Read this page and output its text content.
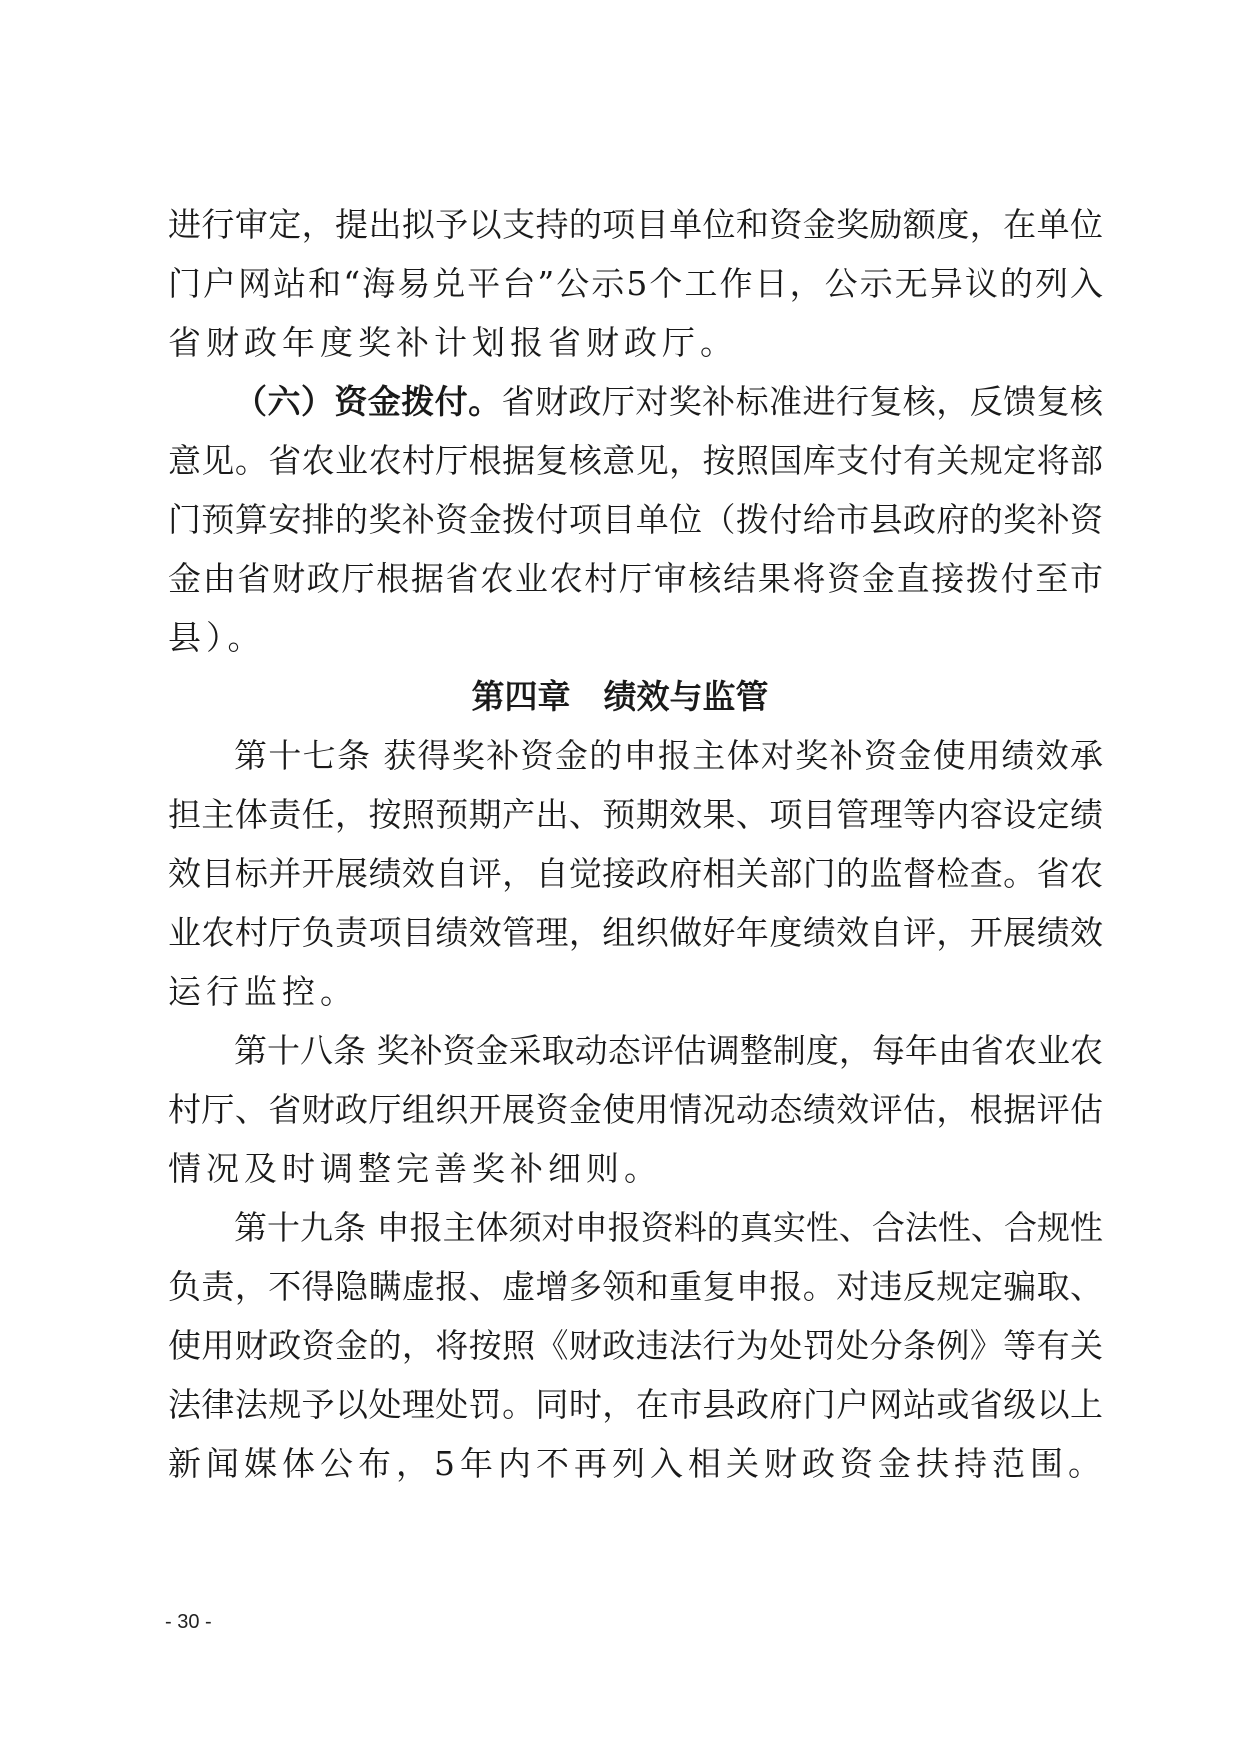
进行审定，提出拟予以支持的项目单位和资金奖励额度，在单位
门户网站和“海易兑平台”公示5个工作日，公示无异议的列入
省财政年度奖补计划报省财政厅。
（六）资金拨付。省财政厅对奖补标准进行复核，反馈复核
意见。省农业农村厅根据复核意见，按照国库支付有关规定将部
门预算安排的奖补资金拨付项目单位（拨付给市县政府的奖补资
金由省财政厅根据省农业农村厅审核结果将资金直接拨付至市
县）。
第四章　绩效与监管
第十七条 获得奖补资金的申报主体对奖补资金使用绩效承
担主体责任，按照预期产出、预期效果、项目管理等内容设定绩
效目标并开展绩效自评，自觉接政府相关部门的监督检查。省农
业农村厅负责项目绩效管理，组织做好年度绩效自评，开展绩效
运行监控。
第十八条 奖补资金采取动态评估调整制度，每年由省农业农
村厅、省财政厅组织开展资金使用情况动态绩效评估，根据评估
情况及时调整完善奖补细则。
第十九条 申报主体须对申报资料的真实性、合法性、合规性
负责，不得隐瞒虚报、虚增多领和重复申报。对违反规定骗取、
使用财政资金的，将按照《财政违法行为处罚处分条例》等有关
法律法规予以处理处罚。同时，在市县政府门户网站或省级以上
新闻媒体公布，5年内不再列入相关财政资金扶持范围。
- 30 -
